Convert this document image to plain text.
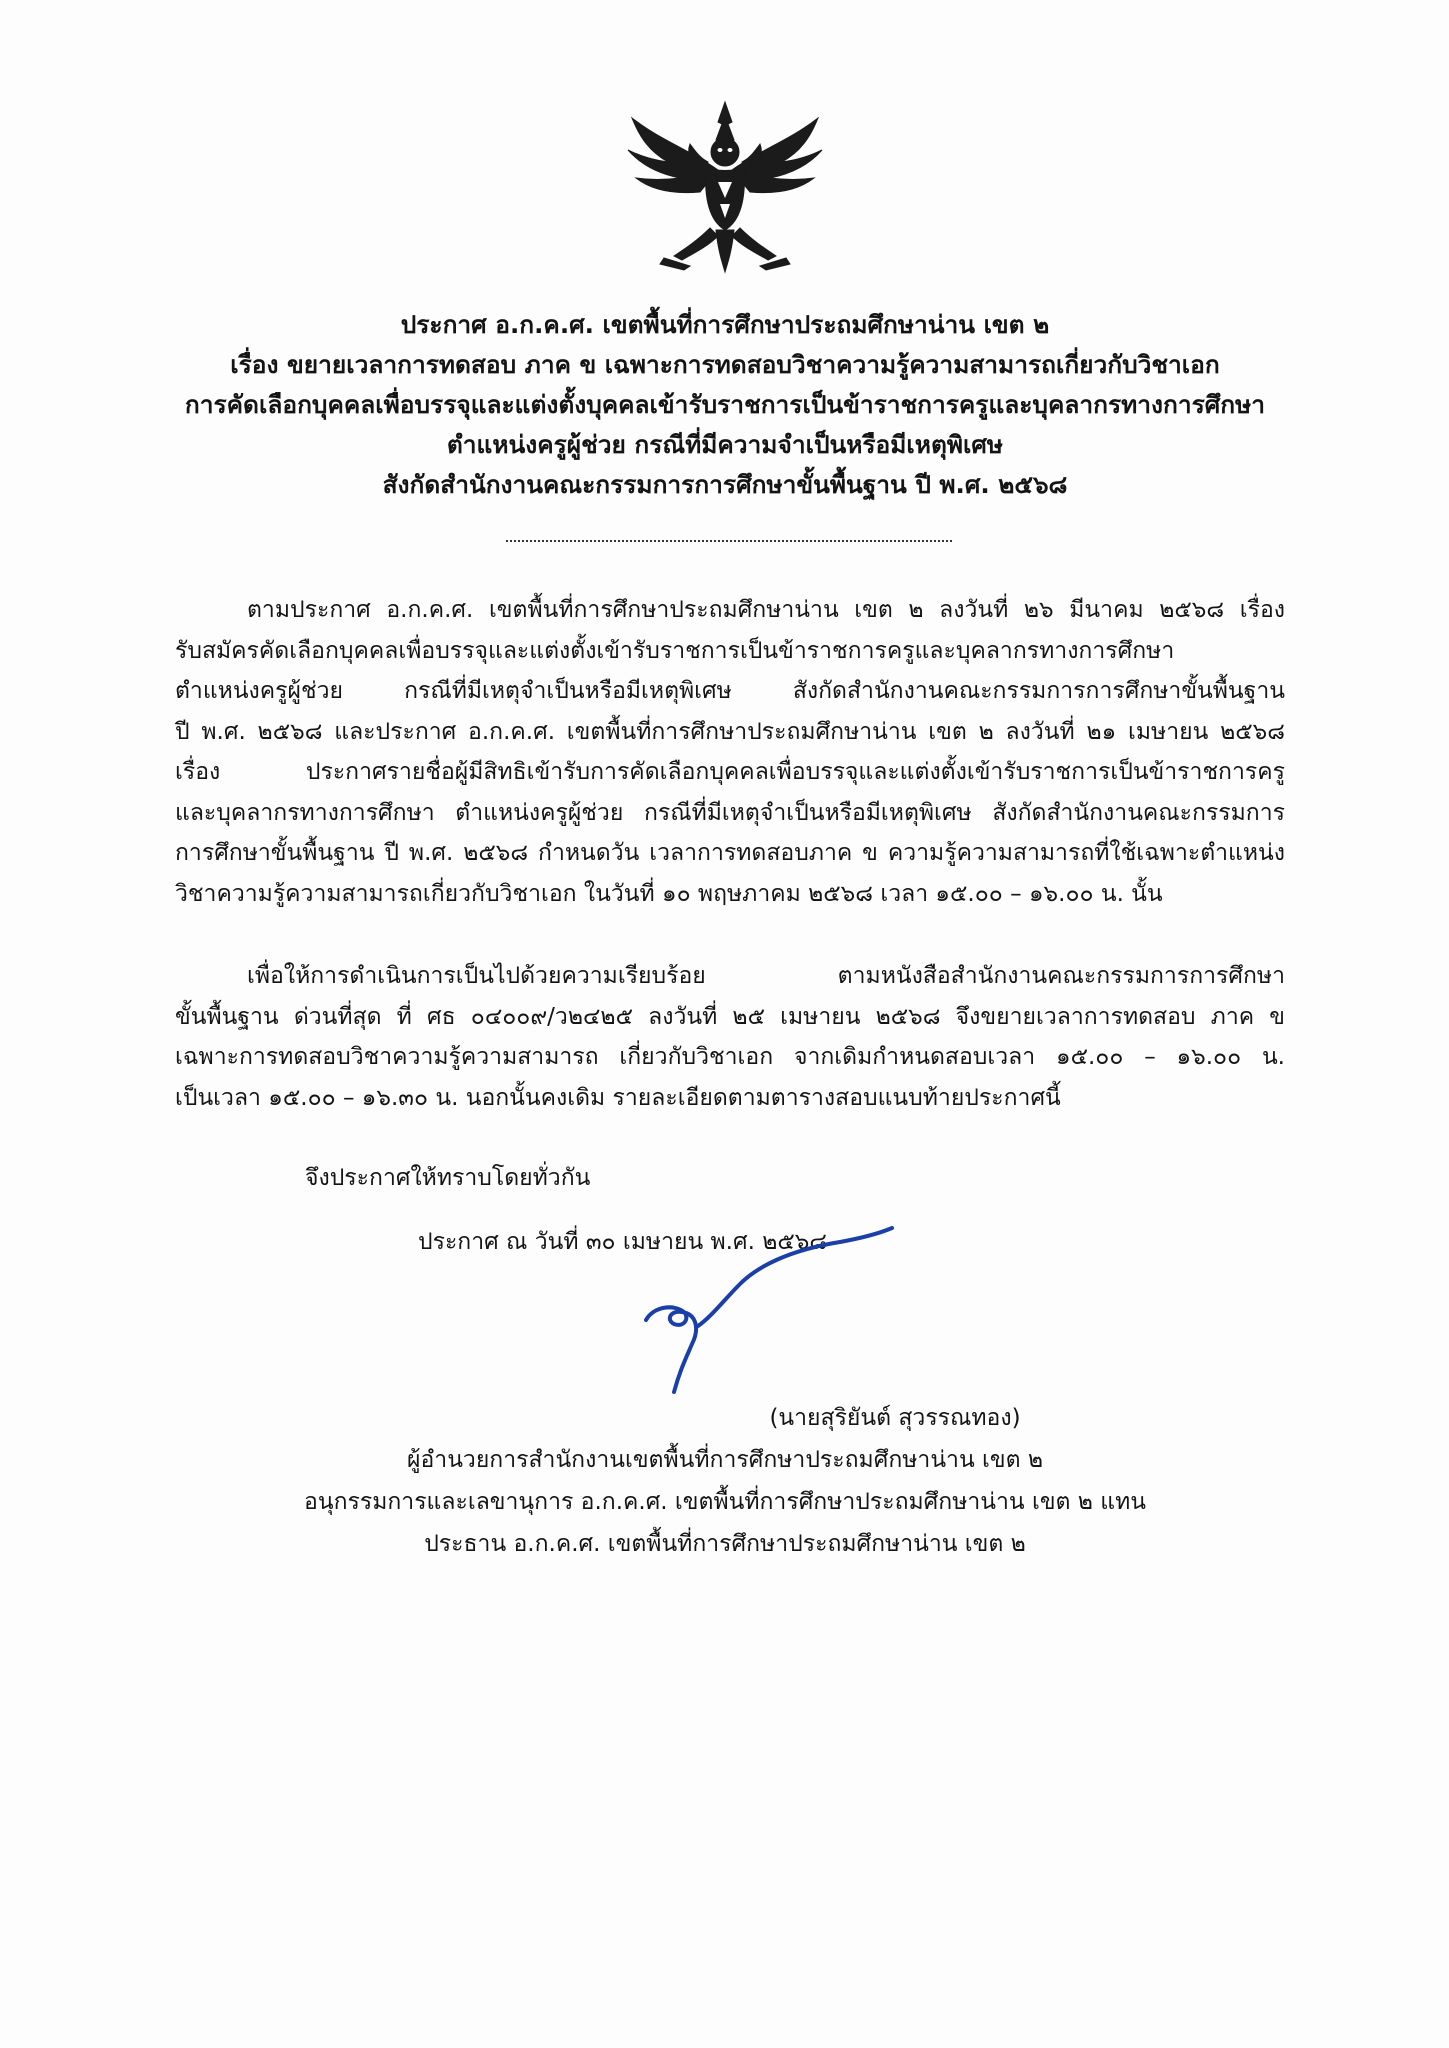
ประกาศ อ.ก.ค.ศ. เขตพื้นที่การศึกษาประถมศึกษาน่าน เขต ๒
เรื่อง ขยายเวลาการทดสอบ ภาค ข เฉพาะการทดสอบวิชาความรู้ความสามารถเกี่ยวกับวิชาเอก
การคัดเลือกบุคคลเพื่อบรรจุและแต่งตั้งบุคคลเข้ารับราชการเป็นข้าราชการครูและบุคลากรทางการศึกษา
ตำแหน่งครูผู้ช่วย กรณีที่มีความจำเป็นหรือมีเหตุพิเศษ
สังกัดสำนักงานคณะกรรมการการศึกษาขั้นพื้นฐาน ปี พ.ศ. ๒๕๖๘
ตามประกาศ อ.ก.ค.ศ. เขตพื้นที่การศึกษาประถมศึกษาน่าน เขต ๒ ลงวันที่ ๒๖ มีนาคม ๒๕๖๘ เรื่อง
รับสมัครคัดเลือกบุคคลเพื่อบรรจุและแต่งตั้งเข้ารับราชการเป็นข้าราชการครูและบุคลากรทางการศึกษา
ตำแหน่งครูผู้ช่วย กรณีที่มีเหตุจำเป็นหรือมีเหตุพิเศษ สังกัดสำนักงานคณะกรรมการการศึกษาขั้นพื้นฐาน
ปี พ.ศ. ๒๕๖๘ และประกาศ อ.ก.ค.ศ. เขตพื้นที่การศึกษาประถมศึกษาน่าน เขต ๒ ลงวันที่ ๒๑ เมษายน ๒๕๖๘
เรื่อง ประกาศรายชื่อผู้มีสิทธิเข้ารับการคัดเลือกบุคคลเพื่อบรรจุและแต่งตั้งเข้ารับราชการเป็นข้าราชการครู
และบุคลากรทางการศึกษา ตำแหน่งครูผู้ช่วย กรณีที่มีเหตุจำเป็นหรือมีเหตุพิเศษ สังกัดสำนักงานคณะกรรมการ
การศึกษาขั้นพื้นฐาน ปี พ.ศ. ๒๕๖๘ กำหนดวัน เวลาการทดสอบภาค ข ความรู้ความสามารถที่ใช้เฉพาะตำแหน่ง
วิชาความรู้ความสามารถเกี่ยวกับวิชาเอก ในวันที่ ๑๐ พฤษภาคม ๒๕๖๘ เวลา ๑๕.๐๐ – ๑๖.๐๐ น. นั้น
เพื่อให้การดำเนินการเป็นไปด้วยความเรียบร้อย ตามหนังสือสำนักงานคณะกรรมการการศึกษา
ขั้นพื้นฐาน ด่วนที่สุด ที่ ศธ ๐๔๐๐๙/ว๒๔๒๕ ลงวันที่ ๒๕ เมษายน ๒๕๖๘ จึงขยายเวลาการทดสอบ ภาค ข
เฉพาะการทดสอบวิชาความรู้ความสามารถ เกี่ยวกับวิชาเอก จากเดิมกำหนดสอบเวลา ๑๕.๐๐ – ๑๖.๐๐ น.
เป็นเวลา ๑๕.๐๐ – ๑๖.๓๐ น. นอกนั้นคงเดิม รายละเอียดตามตารางสอบแนบท้ายประกาศนี้
จึงประกาศให้ทราบโดยทั่วกัน
ประกาศ ณ วันที่ ๓๐ เมษายน พ.ศ. ๒๕๖๘
(นายสุริยันต์ สุวรรณทอง)
ผู้อำนวยการสำนักงานเขตพื้นที่การศึกษาประถมศึกษาน่าน เขต ๒
อนุกรรมการและเลขานุการ อ.ก.ค.ศ. เขตพื้นที่การศึกษาประถมศึกษาน่าน เขต ๒ แทน
ประธาน อ.ก.ค.ศ. เขตพื้นที่การศึกษาประถมศึกษาน่าน เขต ๒
